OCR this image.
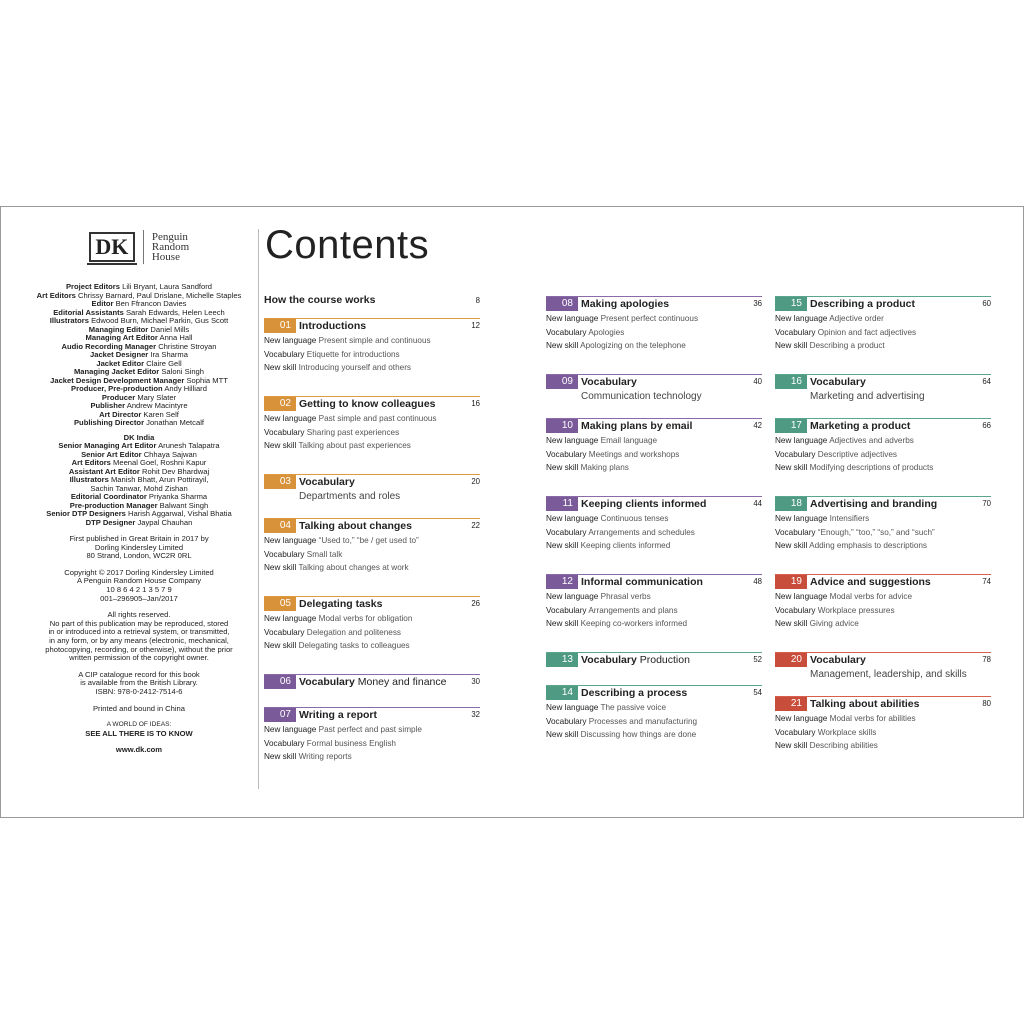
DK Penguin
Random
House
Project Editors Lili Bryant, Laura Sandford
Art Editors Chrissy Barnard, Paul Drislane, Michelle Staples
Editor Ben Ffrancon Davies
Editorial Assistants Sarah Edwards, Helen Leech
Illustrators Edwood Burn, Michael Parkin, Gus Scott
Managing Editor Daniel Mills
Managing Art Editor Anna Hall
Audio Recording Manager Christine Stroyan
Jacket Designer Ira Sharma
Jacket Editor Claire Gell
Managing Jacket Editor Saloni Singh
Jacket Design Development Manager Sophia MTT
Producer, Pre-production Andy Hilliard
Producer Mary Slater
Publisher Andrew Macintyre
Art Director Karen Self
Publishing Director Jonathan Metcalf
DK India
Senior Managing Art Editor Arunesh Talapatra
Senior Art Editor Chhaya Sajwan
Art Editors Meenal Goel, Roshni Kapur
Assistant Art Editor Rohit Dev Bhardwaj
Illustrators Manish Bhatt, Arun Pottirayil,
Sachin Tanwar, Mohd Zishan
Editorial Coordinator Priyanka Sharma
Pre-production Manager Balwant Singh
Senior DTP Designers Harish Aggarwal, Vishal Bhatia
DTP Designer Jaypal Chauhan
First published in Great Britain in 2017 by
Dorling Kindersley Limited
80 Strand, London, WC2R 0RL
Copyright © 2017 Dorling Kindersley Limited
A Penguin Random House Company
10 8 6 4 2 1 3 5 7 9
001–296905–Jan/2017
All rights reserved.
No part of this publication may be reproduced, stored
in or introduced into a retrieval system, or transmitted,
in any form, or by any means (electronic, mechanical,
photocopying, recording, or otherwise), without the prior
written permission of the copyright owner.
A CIP catalogue record for this book
is available from the British Library.
ISBN: 978-0-2412-7514-6
Printed and bound in China
A WORLD OF IDEAS:
SEE ALL THERE IS TO KNOW
www.dk.com
Contents
How the course works	8
01 Introductions	12
New language Present simple and continuous
Vocabulary Etiquette for introductions
New skill Introducing yourself and others
02 Getting to know colleagues	16
New language Past simple and past continuous
Vocabulary Sharing past experiences
New skill Talking about past experiences
03 Vocabulary	20
Departments and roles
04 Talking about changes	22
New language “Used to,” “be / get used to”
Vocabulary Small talk
New skill Talking about changes at work
05 Delegating tasks	26
New language Modal verbs for obligation
Vocabulary Delegation and politeness
New skill Delegating tasks to colleagues
06 Vocabulary Money and finance	30
07 Writing a report	32
New language Past perfect and past simple
Vocabulary Formal business English
New skill Writing reports
08 Making apologies	36
New language Present perfect continuous
Vocabulary Apologies
New skill Apologizing on the telephone
09 Vocabulary	40
Communication technology
10 Making plans by email	42
New language Email language
Vocabulary Meetings and workshops
New skill Making plans
11 Keeping clients informed	44
New language Continuous tenses
Vocabulary Arrangements and schedules
New skill Keeping clients informed
12 Informal communication	48
New language Phrasal verbs
Vocabulary Arrangements and plans
New skill Keeping co-workers informed
13 Vocabulary Production	52
14 Describing a process	54
New language The passive voice
Vocabulary Processes and manufacturing
New skill Discussing how things are done
15 Describing a product	60
New language Adjective order
Vocabulary Opinion and fact adjectives
New skill Describing a product
16 Vocabulary	64
Marketing and advertising
17 Marketing a product	66
New language Adjectives and adverbs
Vocabulary Descriptive adjectives
New skill Modifying descriptions of products
18 Advertising and branding	70
New language Intensifiers
Vocabulary “Enough,” “too,” “so,” and “such”
New skill Adding emphasis to descriptions
19 Advice and suggestions	74
New language Modal verbs for advice
Vocabulary Workplace pressures
New skill Giving advice
20 Vocabulary	78
Management, leadership, and skills
21 Talking about abilities	80
New language Modal verbs for abilities
Vocabulary Workplace skills
New skill Describing abilities
